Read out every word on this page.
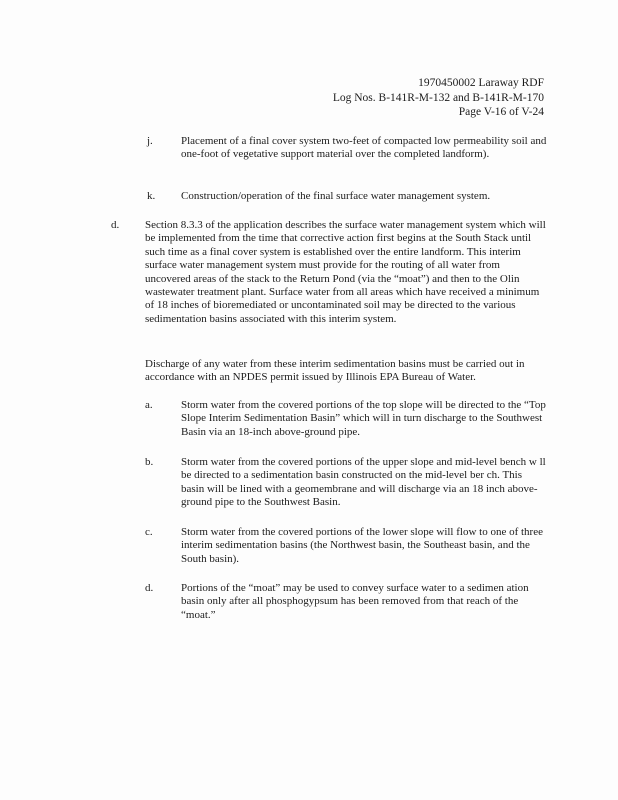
1970450002 Laraway RDF
Log Nos. B-141R-M-132 and B-141R-M-170
Page V-16 of V-24
j.	Placement of a final cover system two-feet of compacted low permeability soil and one-foot of vegetative support material over the completed landform).
k. Construction/operation of the final surface water management system.
d. Section 8.3.3 of the application describes the surface water management system which will be implemented from the time that corrective action first begins at the South Stack until such time as a final cover system is established over the entire landform. This interim surface water management system must provide for the routing of all water from uncovered areas of the stack to the Return Pond (via the “moat”) and then to the Olin wastewater treatment plant. Surface water from all areas which have received a minimum of 18 inches of bioremediated or uncontaminated soil may be directed to the various sedimentation basins associated with this interim system.
Discharge of any water from these interim sedimentation basins must be carried out in accordance with an NPDES permit issued by Illinois EPA Bureau of Water.
a.	Storm water from the covered portions of the top slope will be directed to the “Top Slope Interim Sedimentation Basin” which will in turn discharge to the Southwest Basin via an 18-inch above-ground pipe.
b.	Storm water from the covered portions of the upper slope and mid-level bench w ll be directed to a sedimentation basin constructed on the mid-level ber ch. This basin will be lined with a geomembrane and will discharge via an 18 inch above-ground pipe to the Southwest Basin.
c.	Storm water from the covered portions of the lower slope will flow to one of three interim sedimentation basins (the Northwest basin, the Southeast basin, and the South basin).
d.	Portions of the “moat” may be used to convey surface water to a sedimen ation basin only after all phosphogypsum has been removed from that reach of the “moat.”
